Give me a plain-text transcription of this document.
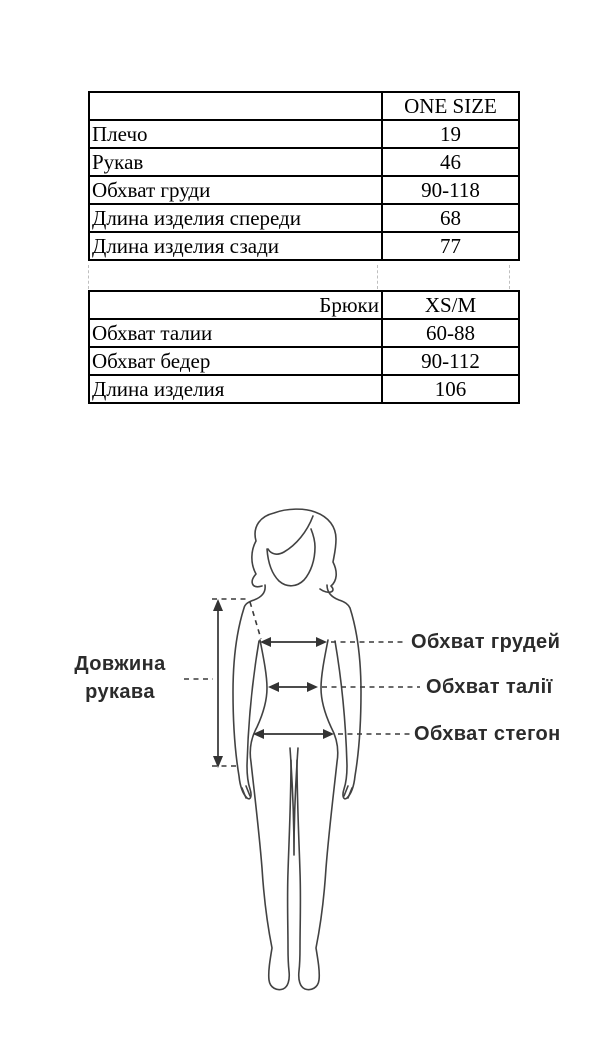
	ONE SIZE
Плечо	19
Рукав	46
Обхват груди	90-118
Длина изделия спереди	68
Длина изделия сзади	77
Брюки	XS/M
Обхват талии	60-88
Обхват бедер	90-112
Длина изделия	106
Довжина рукава
Обхват грудей
Обхват талії
Обхват стегон
